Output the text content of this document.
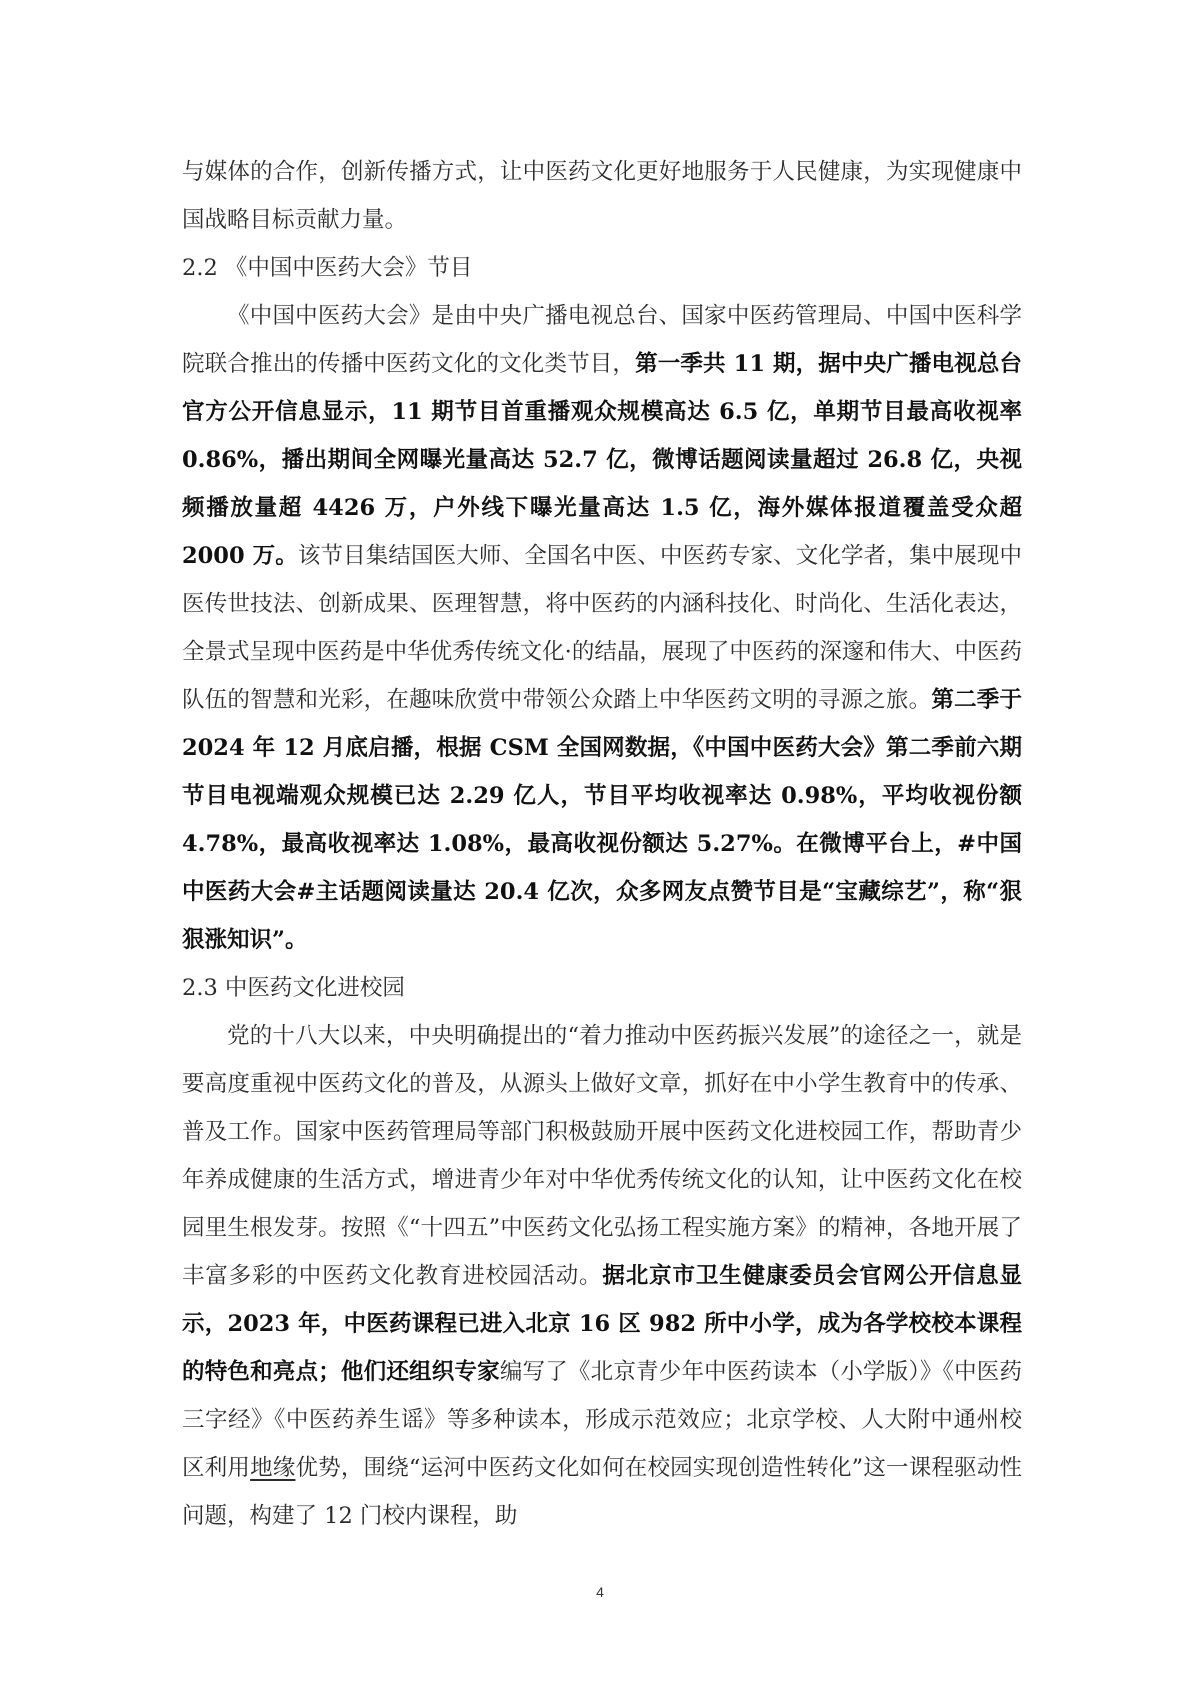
与媒体的合作，创新传播方式，让中医药文化更好地服务于人民健康，为实现健康中国战略目标贡献力量。

2.2 《中国中医药大会》节目

《中国中医药大会》是由中央广播电视总台、国家中医药管理局、中国中医科学院联合推出的传播中医药文化的文化类节目，第一季共 11 期，据中央广播电视总台官方公开信息显示，11 期节目首重播观众规模高达 6.5 亿，单期节目最高收视率 0.86%，播出期间全网曝光量高达 52.7 亿，微博话题阅读量超过 26.8 亿，央视频播放量超 4426 万，户外线下曝光量高达 1.5 亿，海外媒体报道覆盖受众超 2000 万。该节目集结国医大师、全国名中医、中医药专家、文化学者，集中展现中医传世技法、创新成果、医理智慧，将中医药的内涵科技化、时尚化、生活化表达，全景式呈现中医药是中华优秀传统文化·的结晶，展现了中医药的深邃和伟大、中医药队伍的智慧和光彩，在趣味欣赏中带领公众踏上中华医药文明的寻源之旅。第二季于 2024 年 12 月底启播，根据 CSM 全国网数据，《中国中医药大会》第二季前六期节目电视端观众规模已达 2.29 亿人，节目平均收视率达 0.98%，平均收视份额 4.78%，最高收视率达 1.08%，最高收视份额达 5.27%。在微博平台上，#中国中医药大会#主话题阅读量达 20.4 亿次，众多网友点赞节目是“宝藏综艺”，称“狠狠涨知识”。

2.3 中医药文化进校园

党的十八大以来，中央明确提出的“着力推动中医药振兴发展”的途径之一，就是要高度重视中医药文化的普及，从源头上做好文章，抓好在中小学生教育中的传承、普及工作。国家中医药管理局等部门积极鼓励开展中医药文化进校园工作，帮助青少年养成健康的生活方式，增进青少年对中华优秀传统文化的认知，让中医药文化在校园里生根发芽。按照《“十四五”中医药文化弘扬工程实施方案》的精神，各地开展了丰富多彩的中医药文化教育进校园活动。据北京市卫生健康委员会官网公开信息显示，2023 年，中医药课程已进入北京 16 区 982 所中小学，成为各学校校本课程的特色和亮点；他们还组织专家编写了《北京青少年中医药读本（小学版）》《中医药三字经》《中医药养生谣》等多种读本，形成示范效应；北京学校、人大附中通州校区利用地缘优势，围绕“运河中医药文化如何在校园实现创造性转化”这一课程驱动性问题，构建了 12 门校内课程，助

4
